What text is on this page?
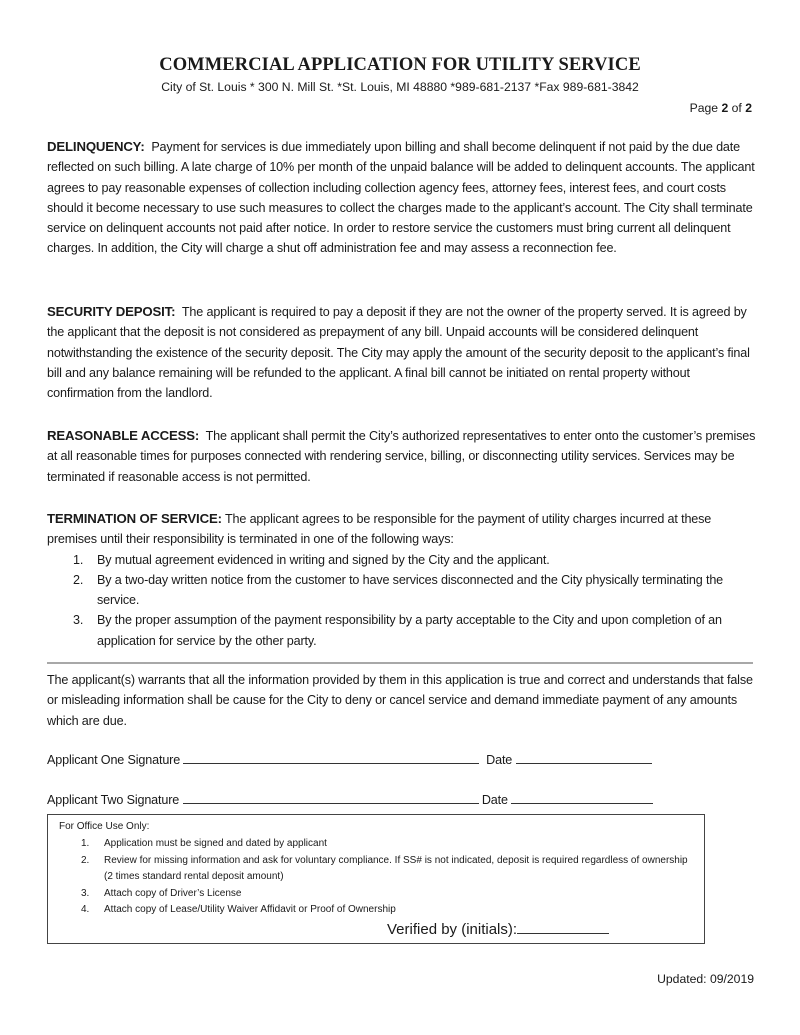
COMMERCIAL APPLICATION FOR UTILITY SERVICE
City of St. Louis * 300 N. Mill St. *St. Louis, MI 48880 *989-681-2137 *Fax 989-681-3842
Page 2 of 2
DELINQUENCY: Payment for services is due immediately upon billing and shall become delinquent if not paid by the due date reflected on such billing. A late charge of 10% per month of the unpaid balance will be added to delinquent accounts. The applicant agrees to pay reasonable expenses of collection including collection agency fees, attorney fees, interest fees, and court costs should it become necessary to use such measures to collect the charges made to the applicant’s account. The City shall terminate service on delinquent accounts not paid after notice. In order to restore service the customers must bring current all delinquent charges. In addition, the City will charge a shut off administration fee and may assess a reconnection fee.
SECURITY DEPOSIT: The applicant is required to pay a deposit if they are not the owner of the property served. It is agreed by the applicant that the deposit is not considered as prepayment of any bill. Unpaid accounts will be considered delinquent notwithstanding the existence of the security deposit. The City may apply the amount of the security deposit to the applicant’s final bill and any balance remaining will be refunded to the applicant. A final bill cannot be initiated on rental property without confirmation from the landlord.
REASONABLE ACCESS: The applicant shall permit the City’s authorized representatives to enter onto the customer’s premises at all reasonable times for purposes connected with rendering service, billing, or disconnecting utility services. Services may be terminated if reasonable access is not permitted.
TERMINATION OF SERVICE: The applicant agrees to be responsible for the payment of utility charges incurred at these premises until their responsibility is terminated in one of the following ways:
1. By mutual agreement evidenced in writing and signed by the City and the applicant.
2. By a two-day written notice from the customer to have services disconnected and the City physically terminating the service.
3. By the proper assumption of the payment responsibility by a party acceptable to the City and upon completion of an application for service by the other party.
The applicant(s) warrants that all the information provided by them in this application is true and correct and understands that false or misleading information shall be cause for the City to deny or cancel service and demand immediate payment of any amounts which are due.
Applicant One Signature	Date
Applicant Two Signature	Date
For Office Use Only:
1. Application must be signed and dated by applicant
2. Review for missing information and ask for voluntary compliance. If SS# is not indicated, deposit is required regardless of ownership (2 times standard rental deposit amount)
3. Attach copy of Driver’s License
4. Attach copy of Lease/Utility Waiver Affidavit or Proof of Ownership
Verified by (initials):
Updated: 09/2019
